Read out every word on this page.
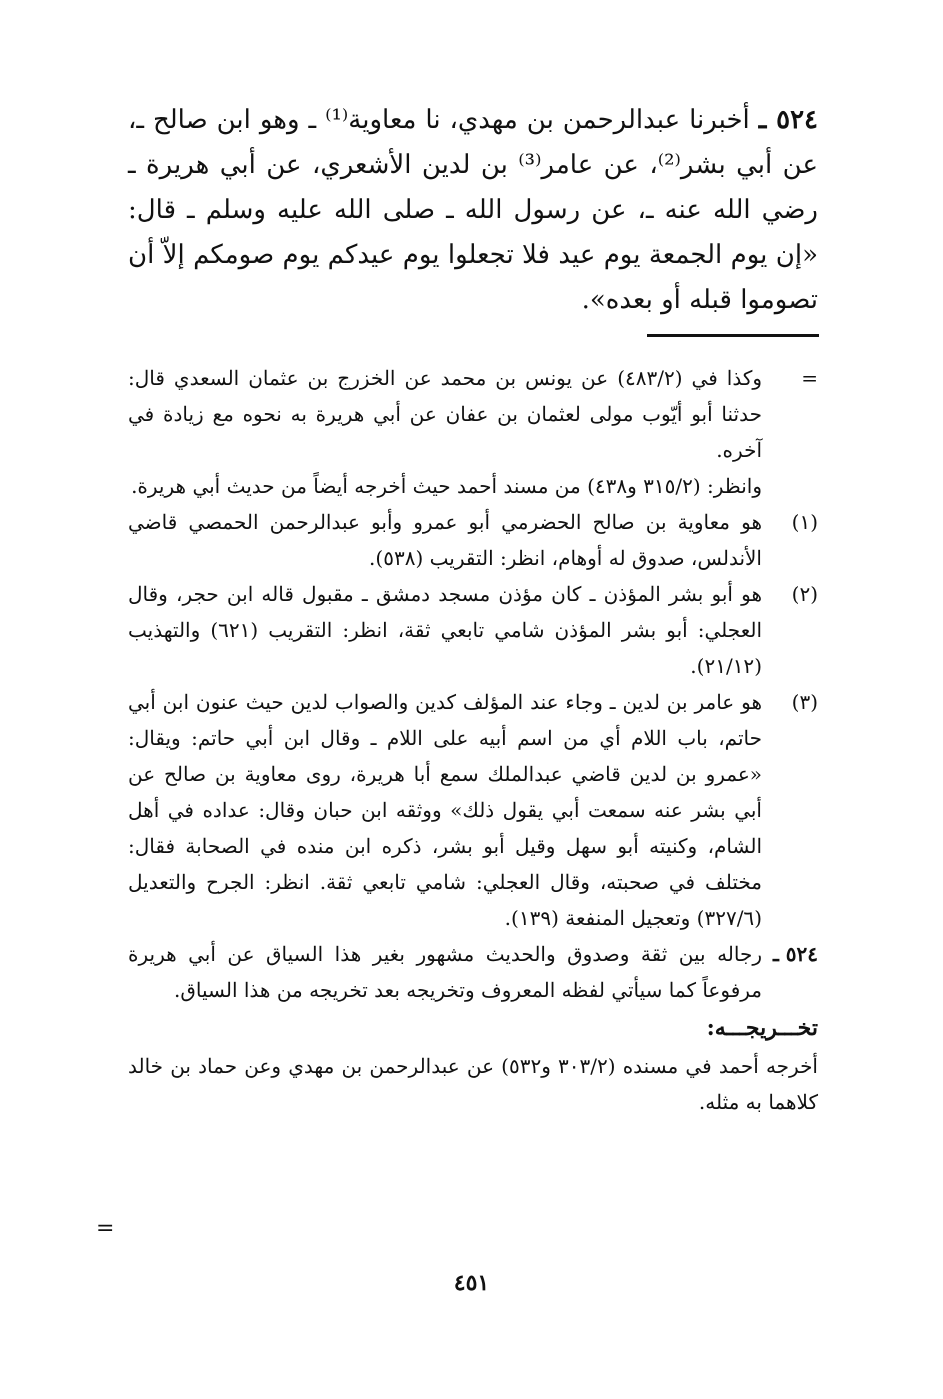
٥٢٤ ـ أخبرنا عبدالرحمن بن مهدي، نا معاوية⁽¹⁾ ـ وهو ابن صالح ـ، عن أبي بشر⁽²⁾، عن عامر⁽³⁾ بن لدين الأشعري، عن أبي هريرة ـ رضي الله عنه ـ، عن رسول الله ـ صلى الله عليه وسلم ـ قال: «إن يوم الجمعة يوم عيد فلا تجعلوا يوم عيدكم يوم صومكم إلاّ أن تصوموا قبله أو بعده».
=

وكذا في (٤٨٣/٢) عن يونس بن محمد عن الخزرج بن عثمان السعدي قال: حدثنا أبو أيّوب مولى لعثمان بن عفان عن أبي هريرة به نحوه مع زيادة في آخره.

وانظر: (٣١٥/٢ و٤٣٨) من مسند أحمد حيث أخرجه أيضاً من حديث أبي هريرة.

(١)

هو معاوية بن صالح الحضرمي أبو عمرو وأبو عبدالرحمن الحمصي قاضي الأندلس، صدوق له أوهام، انظر: التقريب (٥٣٨).

(٢)

هو أبو بشر المؤذن ـ كان مؤذن مسجد دمشق ـ مقبول قاله ابن حجر، وقال العجلي: أبو بشر المؤذن شامي تابعي ثقة، انظر: التقريب (٦٢١) والتهذيب (٢١/١٢).

(٣)

هو عامر بن لدين ـ وجاء عند المؤلف كدين والصواب لدين حيث عنون ابن أبي حاتم، باب اللام أي من اسم أبيه على اللام ـ وقال ابن أبي حاتم: ويقال: «عمرو بن لدين قاضي عبدالملك سمع أبا هريرة، روى معاوية بن صالح عن أبي بشر عنه سمعت أبي يقول ذلك» ووثقه ابن حبان وقال: عداده في أهل الشام، وكنيته أبو سهل وقيل أبو بشر، ذكره ابن منده في الصحابة فقال: مختلف في صحبته، وقال العجلي: شامي تابعي ثقة. انظر: الجرح والتعديل (٣٢٧/٦) وتعجيل المنفعة (١٣٩).

٥٢٤ ـ

رجاله بين ثقة وصدوق والحديث مشهور بغير هذا السياق عن أبي هريرة مرفوعاً كما سيأتي لفظه المعروف وتخريجه بعد تخريجه من هذا السياق.

تخـــريجـــه:

أخرجه أحمد في مسنده (٣٠٣/٢ و٥٣٢) عن عبدالرحمن بن مهدي وعن حماد بن خالد كلاهما به مثله.

=
٤٥١
